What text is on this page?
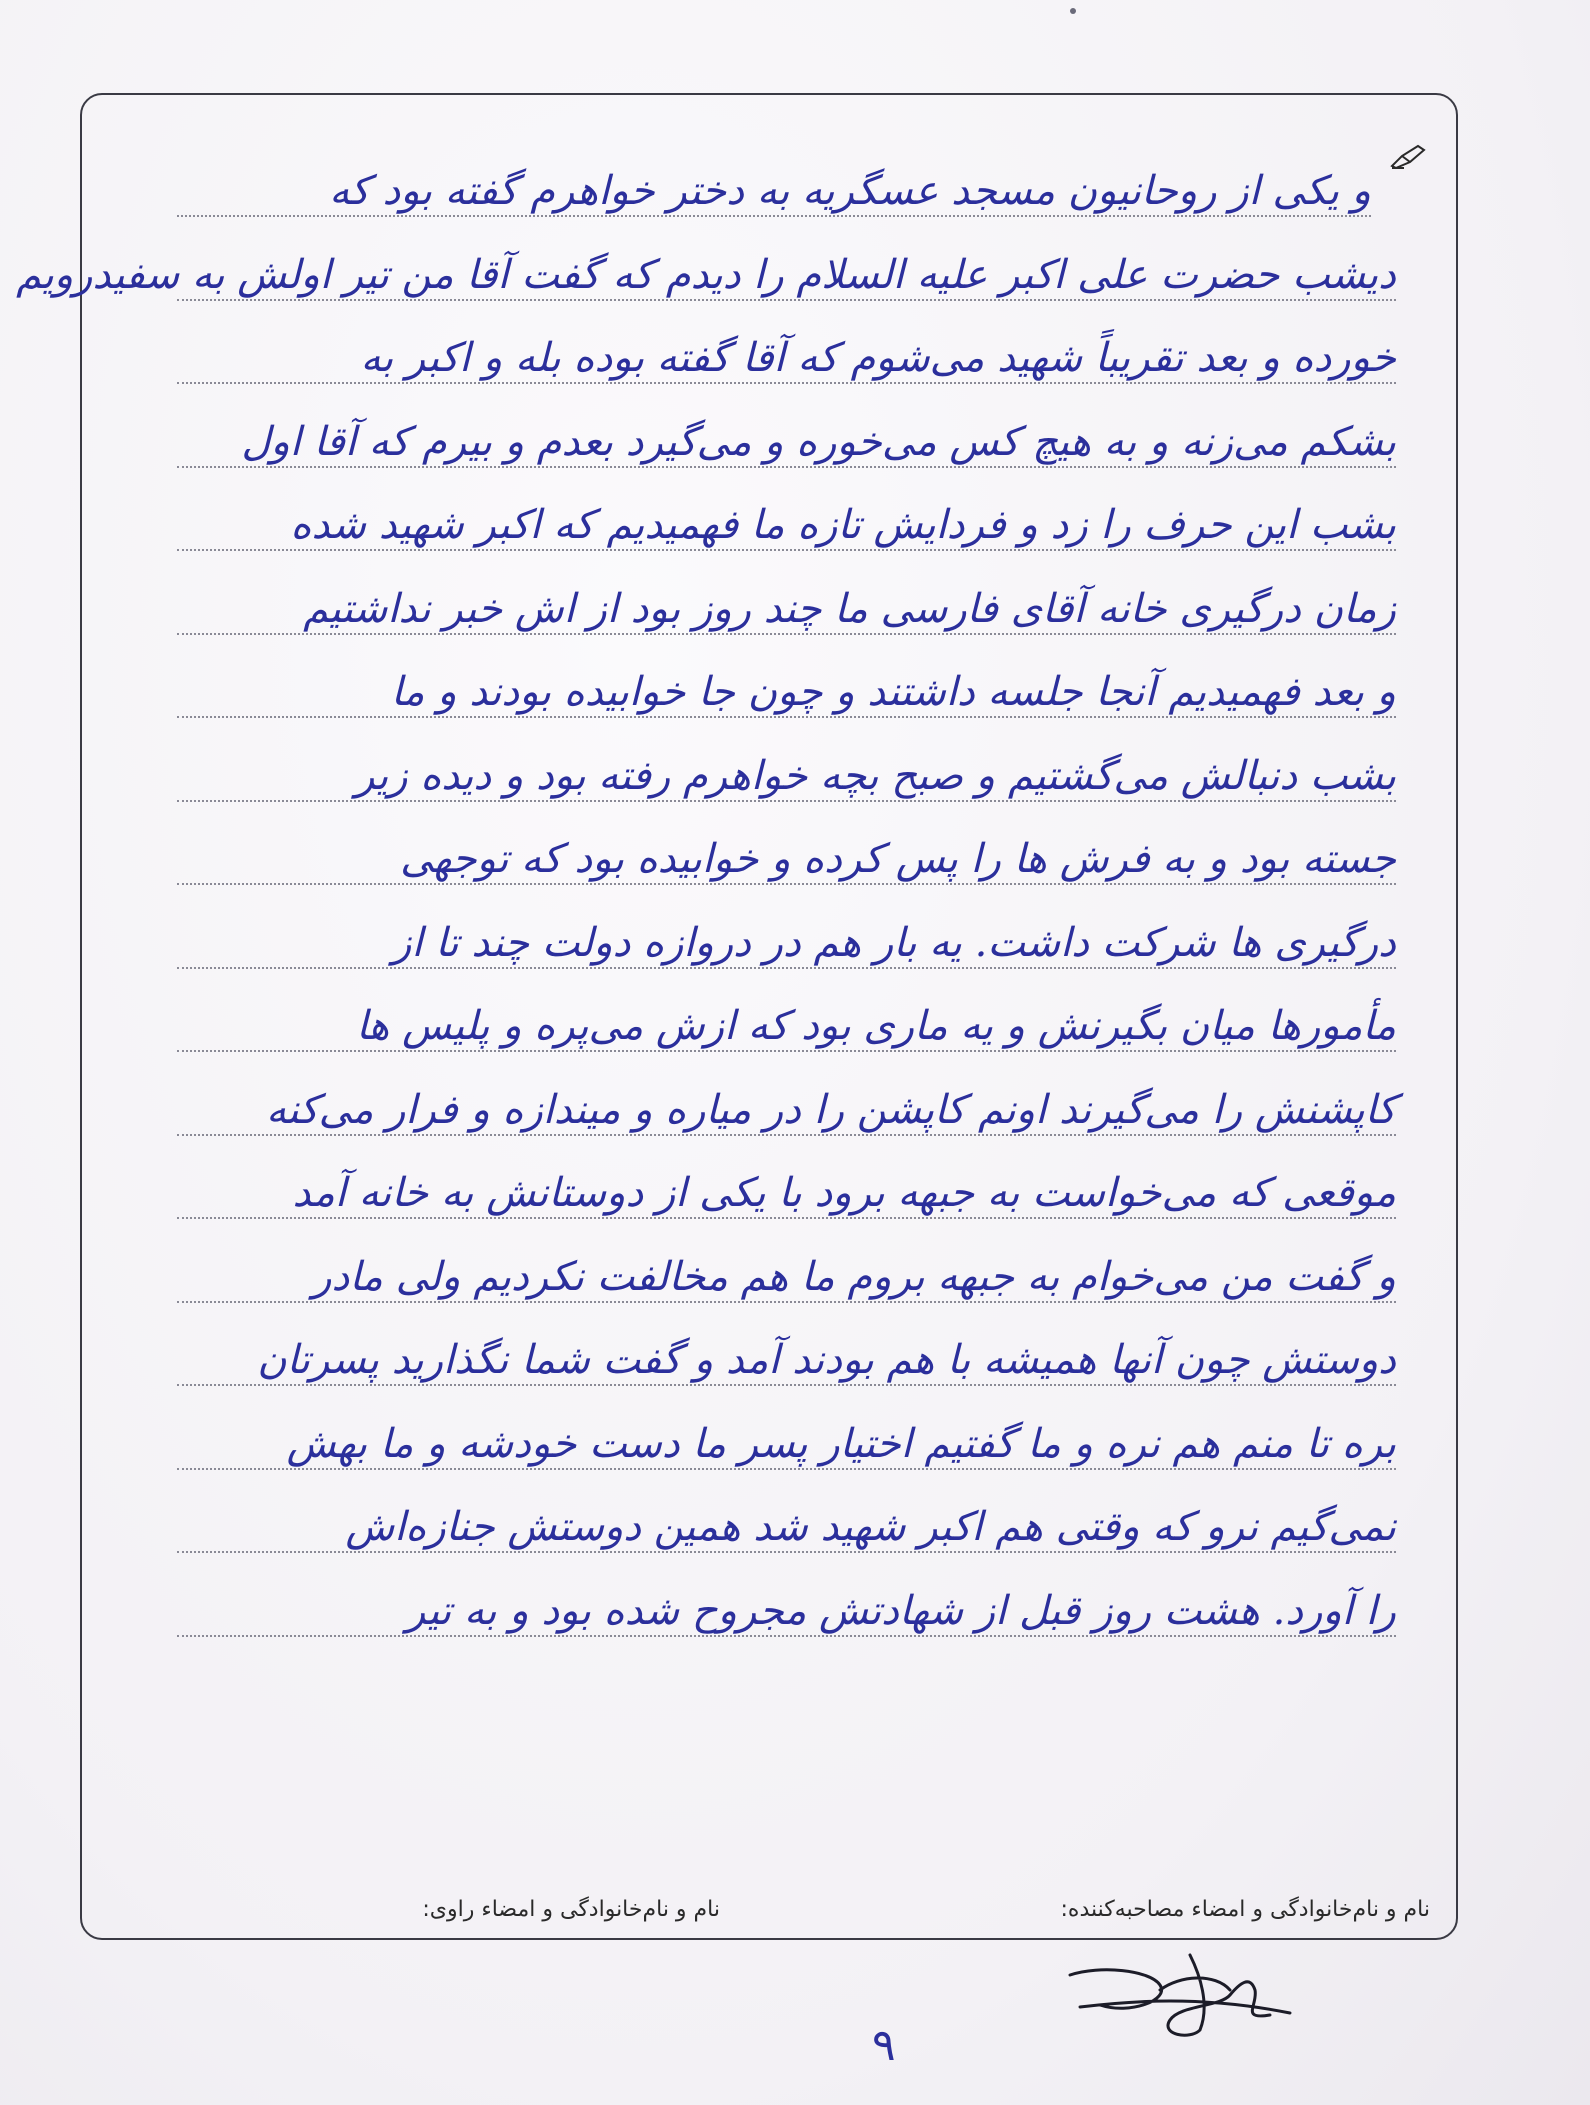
و یکی از روحانیون مسجد عسگریه به دختر خواهرم گفته بود که
دیشب حضرت علی اکبر علیه السلام را دیدم که گفت آقا من تیر اولش به سفیدرویم
خورده و بعد تقریباً شهید می‌شوم که آقا گفته بوده بله و اکبر به
بشکم می‌زنه و به هیچ کس می‌خوره و می‌گیرد بعدم و بیرم که آقا اول
بشب این حرف را زد و فردایش تازه ما فهمیدیم که اکبر شهید شده
زمان درگیری خانه آقای فارسی ما چند روز بود از اش خبر نداشتیم
و بعد فهمیدیم آنجا جلسه داشتند و چون جا خوابیده بودند و ما
بشب دنبالش می‌گشتیم و صبح بچه خواهرم رفته بود و دیده زیر
جسته بود و به فرش ها را پس کرده و خوابیده بود که توجهی
درگیری ها شرکت داشت. یه بار هم در دروازه دولت چند تا از
مأمورها میان بگیرنش و یه ماری بود که ازش می‌پره و پلیس ها
کاپشنش را می‌گیرند اونم کاپشن را در میاره و میندازه و فرار می‌کنه
موقعی که می‌خواست به جبهه برود با یکی از دوستانش به خانه آمد
و گفت من می‌خوام به جبهه بروم ما هم مخالفت نکردیم ولی مادر
دوستش چون آنها همیشه با هم بودند آمد و گفت شما نگذارید پسرتان
بره تا منم هم نره و ما گفتیم اختیار پسر ما دست خودشه و ما بهش
نمی‌گیم نرو که وقتی هم اکبر شهید شد همین دوستش جنازه‌اش
را آورد. هشت روز قبل از شهادتش مجروح شده بود و به تیر
نام و نام‌خانوادگی و امضاء مصاحبه‌کننده:
نام و نام‌خانوادگی و امضاء راوی:
۹
